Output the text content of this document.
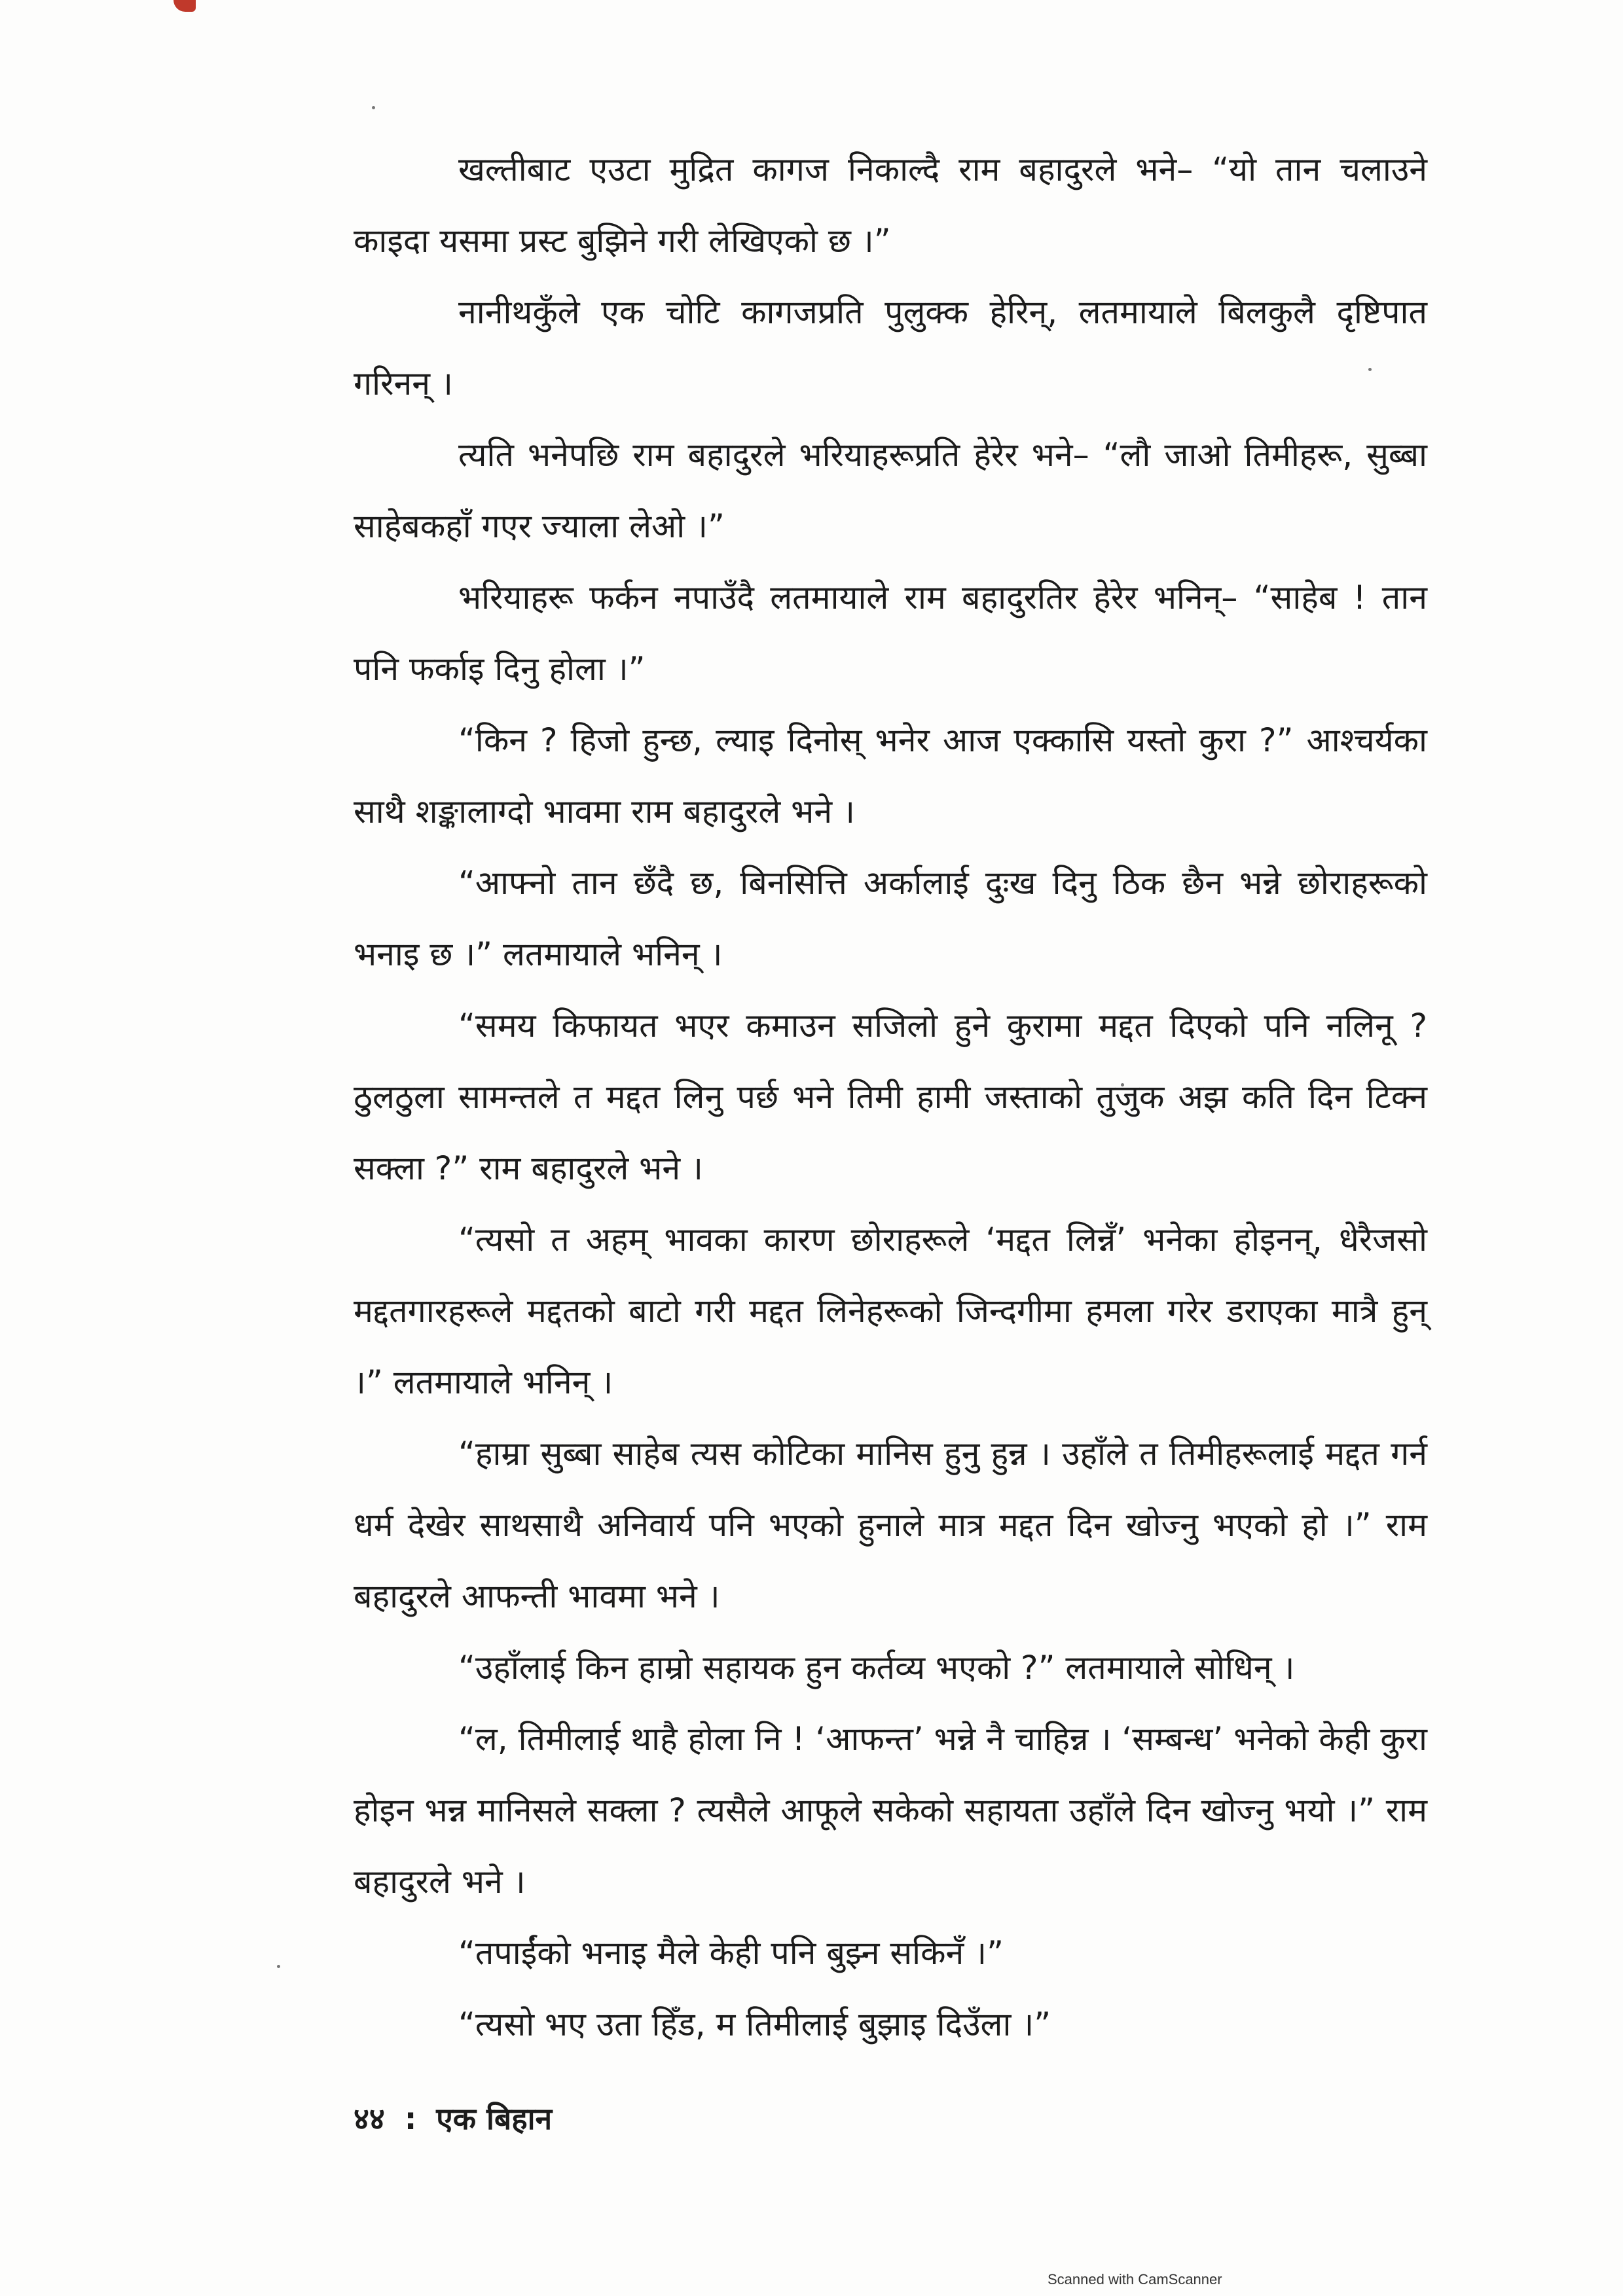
खल्तीबाट एउटा मुद्रित कागज निकाल्दै राम बहादुरले भने– “यो तान चलाउने काइदा यसमा प्रस्ट बुझिने गरी लेखिएको छ ।”

नानीथकुँले एक चोटि कागजप्रति पुलुक्क हेरिन्, लतमायाले बिलकुलै दृष्टिपात गरिनन् ।

त्यति भनेपछि राम बहादुरले भरियाहरूप्रति हेरेर भने– “लौ जाओ तिमीहरू, सुब्बा साहेबकहाँ गएर ज्याला लेओ ।”

भरियाहरू फर्कन नपाउँदै लतमायाले राम बहादुरतिर हेरेर भनिन्– “साहेब ! तान पनि फर्काइ दिनु होला ।”

“किन ? हिजो हुन्छ, ल्याइ दिनोस् भनेर आज एक्कासि यस्तो कुरा ?” आश्चर्यका साथै शङ्कालाग्दो भावमा राम बहादुरले भने ।

“आफ्नो तान छँदै छ, बिनसित्ति अर्कालाई दुःख दिनु ठिक छैन भन्ने छोराहरूको भनाइ छ ।” लतमायाले भनिन् ।

“समय किफायत भएर कमाउन सजिलो हुने कुरामा मद्दत दिएको पनि नलिनू ? ठुलठुला सामन्तले त मद्दत लिनु पर्छ भने तिमी हामी जस्ताको तुजुक अझ कति दिन टिक्न सक्ला ?” राम बहादुरले भने ।

“त्यसो त अहम् भावका कारण छोराहरूले ‘मद्दत लिन्नँ’ भनेका होइनन्, धेरैजसो मद्दतगारहरूले मद्दतको बाटो गरी मद्दत लिनेहरूको जिन्दगीमा हमला गरेर डराएका मात्रै हुन् ।” लतमायाले भनिन् ।

“हाम्रा सुब्बा साहेब त्यस कोटिका मानिस हुनु हुन्न । उहाँले त तिमीहरूलाई मद्दत गर्न धर्म देखेर साथसाथै अनिवार्य पनि भएको हुनाले मात्र मद्दत दिन खोज्नु भएको हो ।” राम बहादुरले आफन्ती भावमा भने ।

“उहाँलाई किन हाम्रो सहायक हुन कर्तव्य भएको ?” लतमायाले सोधिन् ।

“ल, तिमीलाई थाहै होला नि ! ‘आफन्त’ भन्ने नै चाहिन्न । ‘सम्बन्ध’ भनेको केही कुरा होइन भन्न मानिसले सक्ला ? त्यसैले आफूले सकेको सहायता उहाँले दिन खोज्नु भयो ।” राम बहादुरले भने ।

“तपाईंको भनाइ मैले केही पनि बुझ्न सकिनँ ।”

“त्यसो भए उता हिँड, म तिमीलाई बुझाइ दिउँला ।”

४४ : एक बिहान
Scanned with CamScanner
